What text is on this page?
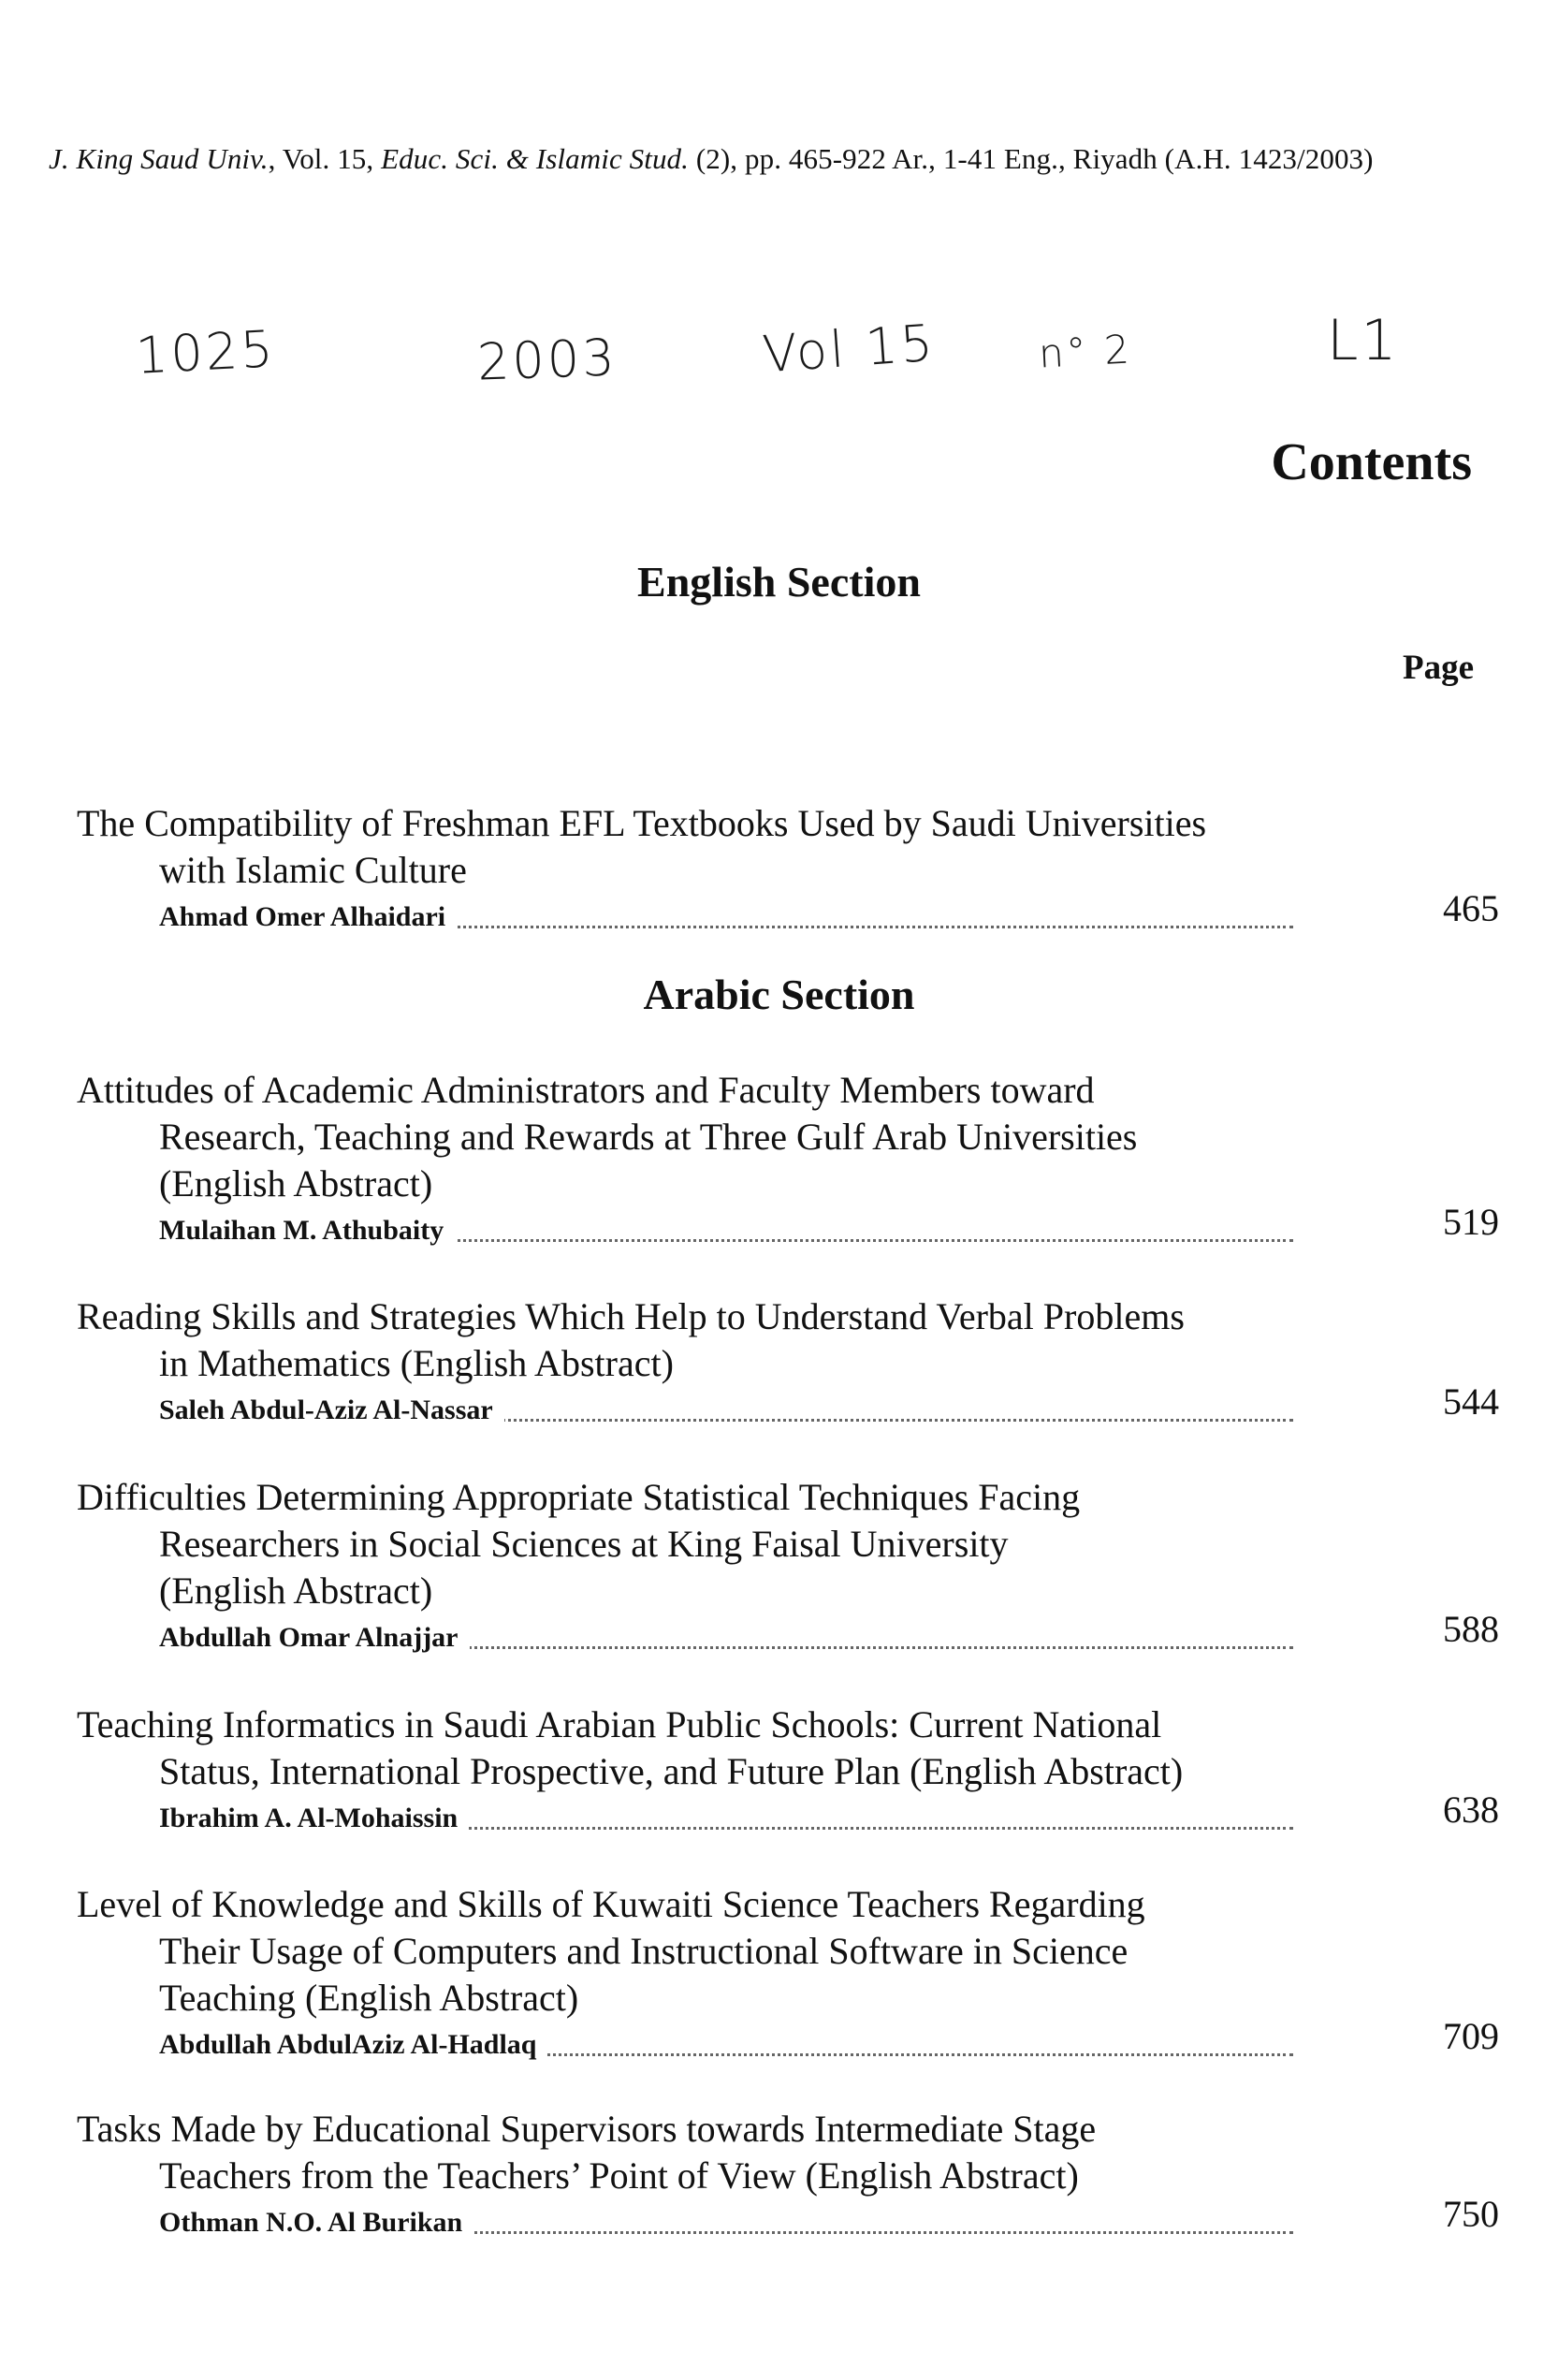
J. King Saud Univ., Vol. 15, Educ. Sci. & Islamic Stud. (2), pp. 465-922 Ar., 1-41 Eng., Riyadh (A.H. 1423/2003)
1025	2003	Vol 15	n° 2	L1
Contents
English Section
Page

The Compatibility of Freshman EFL Textbooks Used by Saudi Universities
with Islamic Culture

Ahmad Omer Alhaidari	465
Arabic Section

Attitudes of Academic Administrators and Faculty Members toward
Research, Teaching and Rewards at Three Gulf Arab Universities
(English Abstract)

Mulaihan M. Athubaity	519

Reading Skills and Strategies Which Help to Understand Verbal Problems
in Mathematics (English Abstract)

Saleh Abdul-Aziz Al-Nassar	544

Difficulties Determining Appropriate Statistical Techniques Facing
Researchers in Social Sciences at King Faisal University
(English Abstract)

Abdullah Omar Alnajjar	588

Teaching Informatics in Saudi Arabian Public Schools: Current National
Status, International Prospective, and Future Plan (English Abstract)

Ibrahim A. Al-Mohaissin	638

Level of Knowledge and Skills of Kuwaiti Science Teachers Regarding
Their Usage of Computers and Instructional Software in Science
Teaching (English Abstract)

Abdullah AbdulAziz Al-Hadlaq	709

Tasks Made by Educational Supervisors towards Intermediate Stage
Teachers from the Teachers’ Point of View (English Abstract)

Othman N.O. Al Burikan	750
